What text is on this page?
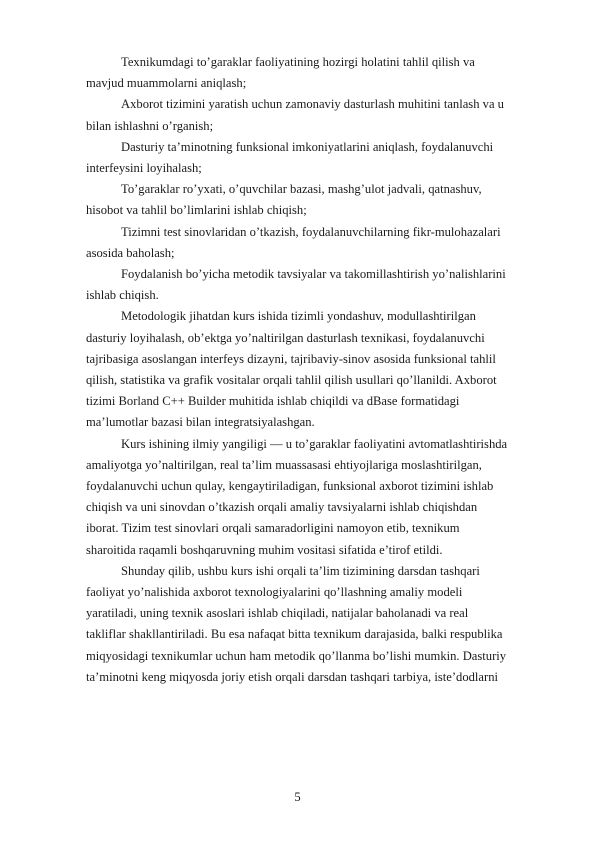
Texnikumdagi to’garaklar faoliyatining hozirgi holatini tahlil qilish va
mavjud muammolarni aniqlash;

Axborot tizimini yaratish uchun zamonaviy dasturlash muhitini tanlash va u
bilan ishlashni o’rganish;

Dasturiy ta’minotning funksional imkoniyatlarini aniqlash, foydalanuvchi
interfeysini loyihalash;

To’garaklar ro’yxati, o’quvchilar bazasi, mashg’ulot jadvali, qatnashuv,
hisobot va tahlil bo’limlarini ishlab chiqish;

Tizimni test sinovlaridan o’tkazish, foydalanuvchilarning fikr-mulohazalari
asosida baholash;

Foydalanish bo’yicha metodik tavsiyalar va takomillashtirish yo’nalishlarini
ishlab chiqish.

Metodologik jihatdan kurs ishida tizimli yondashuv, modullashtirilgan
dasturiy loyihalash, ob’ektga yo’naltirilgan dasturlash texnikasi, foydalanuvchi
tajribasiga asoslangan interfeys dizayni, tajribaviy-sinov asosida funksional tahlil
qilish, statistika va grafik vositalar orqali tahlil qilish usullari qo’llanildi. Axborot
tizimi Borland C++ Builder muhitida ishlab chiqildi va dBase formatidagi
ma’lumotlar bazasi bilan integratsiyalashgan.

Kurs ishining ilmiy yangiligi — u to’garaklar faoliyatini avtomatlashtirishda
amaliyotga yo’naltirilgan, real ta’lim muassasasi ehtiyojlariga moslashtirilgan,
foydalanuvchi uchun qulay, kengaytiriladigan, funksional axborot tizimini ishlab
chiqish va uni sinovdan o’tkazish orqali amaliy tavsiyalarni ishlab chiqishdan
iborat. Tizim test sinovlari orqali samaradorligini namoyon etib, texnikum
sharoitida raqamli boshqaruvning muhim vositasi sifatida e’tirof etildi.

Shunday qilib, ushbu kurs ishi orqali ta’lim tizimining darsdan tashqari
faoliyat yo’nalishida axborot texnologiyalarini qo’llashning amaliy modeli
yaratiladi, uning texnik asoslari ishlab chiqiladi, natijalar baholanadi va real
takliflar shakllantiriladi. Bu esa nafaqat bitta texnikum darajasida, balki respublika
miqyosidagi texnikumlar uchun ham metodik qo’llanma bo’lishi mumkin. Dasturiy
ta’minotni keng miqyosda joriy etish orqali darsdan tashqari tarbiya, iste’dodlarni

5
